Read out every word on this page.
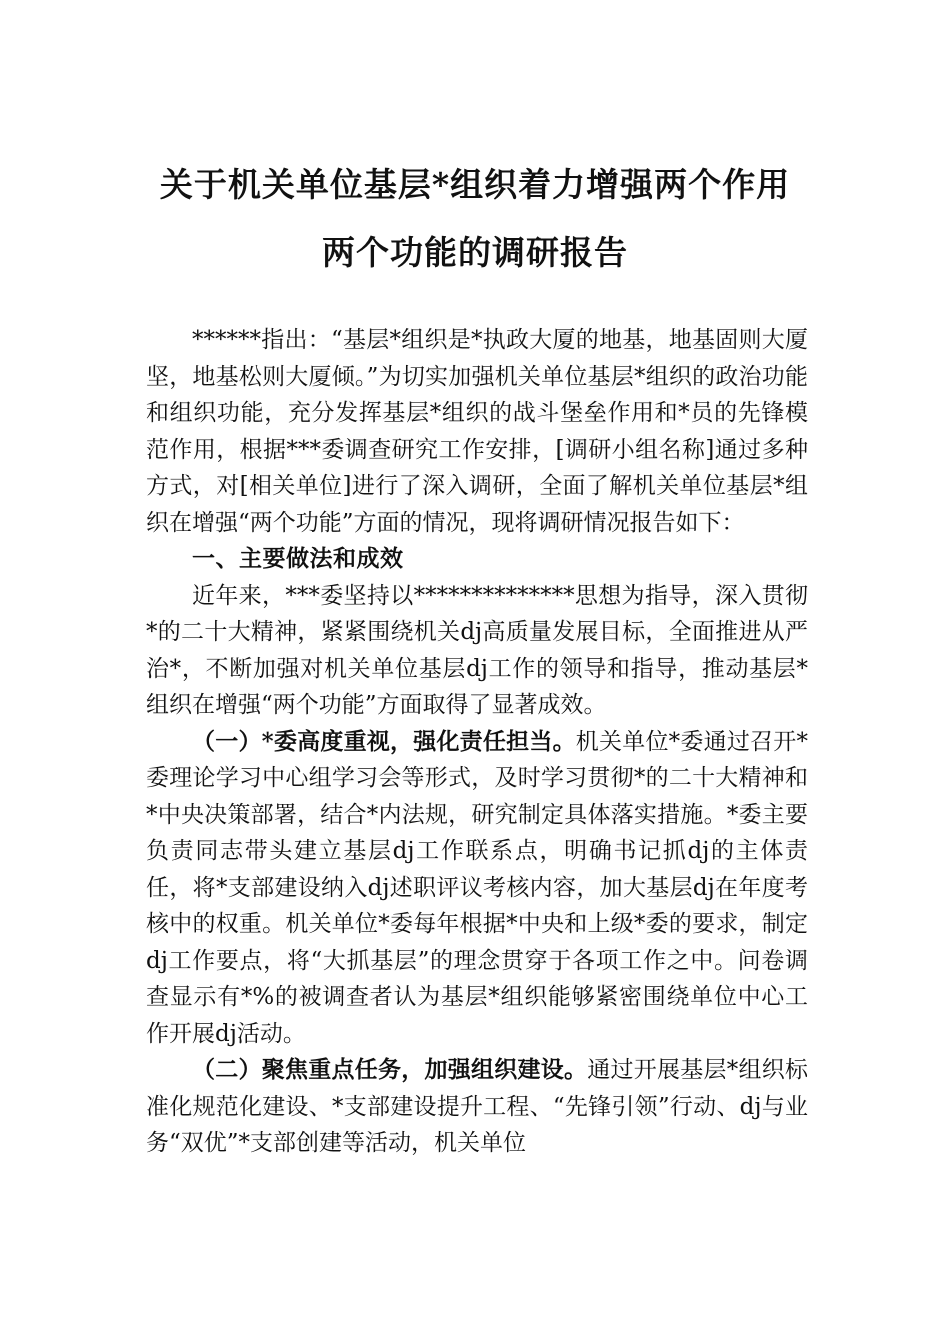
关于机关单位基层*组织着力增强两个作用
两个功能的调研报告

******指出：“基层*组织是*执政大厦的地基，地基固则大厦坚，地基松则大厦倾。”为切实加强机关单位基层*组织的政治功能和组织功能，充分发挥基层*组织的战斗堡垒作用和*员的先锋模范作用，根据***委调查研究工作安排，[调研小组名称]通过多种方式，对[相关单位]进行了深入调研，全面了解机关单位基层*组织在增强“两个功能”方面的情况，现将调研情况报告如下：

一、主要做法和成效

近年来，***委坚持以**************思想为指导，深入贯彻*的二十大精神，紧紧围绕机关dj高质量发展目标，全面推进从严治*，不断加强对机关单位基层dj工作的领导和指导，推动基层*组织在增强“两个功能”方面取得了显著成效。

（一）*委高度重视，强化责任担当。机关单位*委通过召开*委理论学习中心组学习会等形式，及时学习贯彻*的二十大精神和*中央决策部署，结合*内法规，研究制定具体落实措施。*委主要负责同志带头建立基层dj工作联系点，明确书记抓dj的主体责任，将*支部建设纳入dj述职评议考核内容，加大基层dj在年度考核中的权重。机关单位*委每年根据*中央和上级*委的要求，制定dj工作要点，将“大抓基层”的理念贯穿于各项工作之中。问卷调查显示有*%的被调查者认为基层*组织能够紧密围绕单位中心工作开展dj活动。

（二）聚焦重点任务，加强组织建设。通过开展基层*组织标准化规范化建设、*支部建设提升工程、“先锋引领”行动、dj与业务“双优”*支部创建等活动，机关单位
